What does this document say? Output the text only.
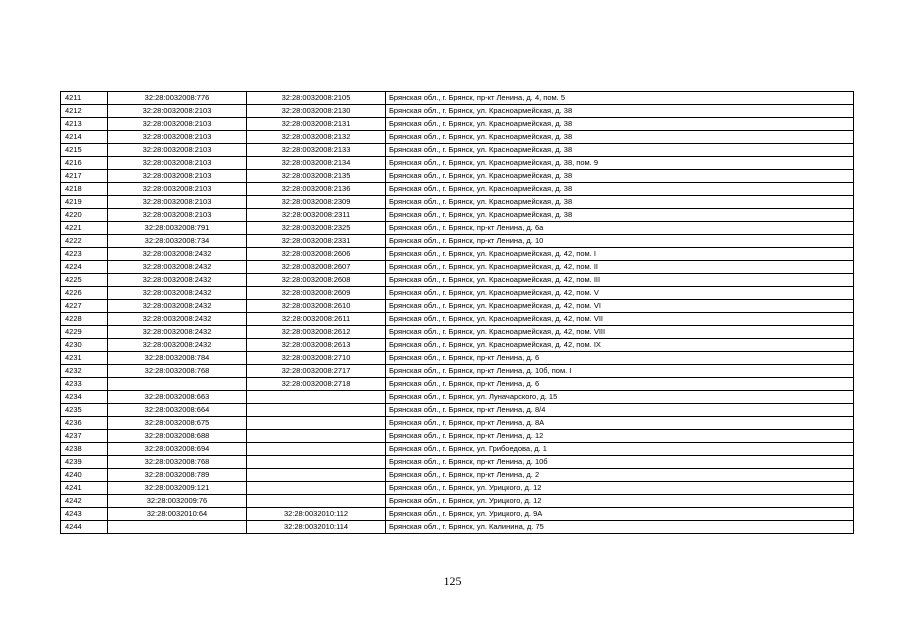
4211	32:28:0032008:776	32:28:0032008:2105	Брянская обл., г. Брянск, пр-кт Ленина, д. 4, пом. 5
4212	32:28:0032008:2103	32:28:0032008:2130	Брянская обл., г. Брянск, ул. Красноармейская, д. 38
4213	32:28:0032008:2103	32:28:0032008:2131	Брянская обл., г. Брянск, ул. Красноармейская, д. 38
4214	32:28:0032008:2103	32:28:0032008:2132	Брянская обл., г. Брянск, ул. Красноармейская, д. 38
4215	32:28:0032008:2103	32:28:0032008:2133	Брянская обл., г. Брянск, ул. Красноармейская, д. 38
4216	32:28:0032008:2103	32:28:0032008:2134	Брянская обл., г. Брянск, ул. Красноармейская, д. 38, пом. 9
4217	32:28:0032008:2103	32:28:0032008:2135	Брянская обл., г. Брянск, ул. Красноармейская, д. 38
4218	32:28:0032008:2103	32:28:0032008:2136	Брянская обл., г. Брянск, ул. Красноармейская, д. 38
4219	32:28:0032008:2103	32:28:0032008:2309	Брянская обл., г. Брянск, ул. Красноармейская, д. 38
4220	32:28:0032008:2103	32:28:0032008:2311	Брянская обл., г. Брянск, ул. Красноармейская, д. 38
4221	32:28:0032008:791	32:28:0032008:2325	Брянская обл., г. Брянск, пр-кт Ленина, д. 6а
4222	32:28:0032008:734	32:28:0032008:2331	Брянская обл., г. Брянск, пр-кт Ленина, д. 10
4223	32:28:0032008:2432	32:28:0032008:2606	Брянская обл., г. Брянск, ул. Красноармейская, д. 42, пом. I
4224	32:28:0032008:2432	32:28:0032008:2607	Брянская обл., г. Брянск, ул. Красноармейская, д. 42, пом. II
4225	32:28:0032008:2432	32:28:0032008:2608	Брянская обл., г. Брянск, ул. Красноармейская, д. 42, пом. III
4226	32:28:0032008:2432	32:28:0032008:2609	Брянская обл., г. Брянск, ул. Красноармейская, д. 42, пом. V
4227	32:28:0032008:2432	32:28:0032008:2610	Брянская обл., г. Брянск, ул. Красноармейская, д. 42, пом. VI
4228	32:28:0032008:2432	32:28:0032008:2611	Брянская обл., г. Брянск, ул. Красноармейская, д. 42, пом. VII
4229	32:28:0032008:2432	32:28:0032008:2612	Брянская обл., г. Брянск, ул. Красноармейская, д. 42, пом. VIII
4230	32:28:0032008:2432	32:28:0032008:2613	Брянская обл., г. Брянск, ул. Красноармейская, д. 42, пом. IX
4231	32:28:0032008:784	32:28:0032008:2710	Брянская обл., г. Брянск, пр-кт Ленина, д. 6
4232	32:28:0032008:768	32:28:0032008:2717	Брянская обл., г. Брянск, пр-кт Ленина, д. 10б, пом. I
4233		32:28:0032008:2718	Брянская обл., г. Брянск, пр-кт Ленина, д. 6
4234	32:28:0032008:663		Брянская обл., г. Брянск, ул. Луначарского, д. 15
4235	32:28:0032008:664		Брянская обл., г. Брянск, пр-кт Ленина, д. 8/4
4236	32:28:0032008:675		Брянская обл., г. Брянск, пр-кт Ленина, д. 8А
4237	32:28:0032008:688		Брянская обл., г. Брянск, пр-кт Ленина, д. 12
4238	32:28:0032008:694		Брянская обл., г. Брянск, ул. Грибоедова, д. 1
4239	32:28:0032008:768		Брянская обл., г. Брянск, пр-кт Ленина, д. 10б
4240	32:28:0032008:789		Брянская обл., г. Брянск, пр-кт Ленина, д. 2
4241	32:28:0032009:121		Брянская обл., г. Брянск, ул. Урицкого, д. 12
4242	32:28:0032009:76		Брянская обл., г. Брянск, ул. Урицкого, д. 12
4243	32:28:0032010:64	32:28:0032010:112	Брянская обл., г. Брянск, ул. Урицкого, д. 9А
4244		32:28:0032010:114	Брянская обл., г. Брянск, ул. Калинина, д. 75
125
